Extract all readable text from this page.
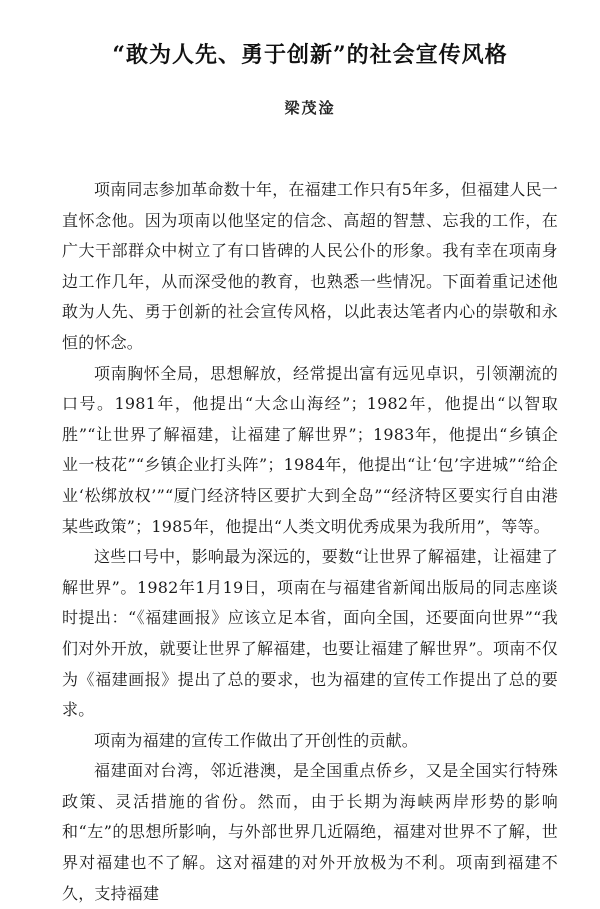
“敢为人先、勇于创新”的社会宣传风格
梁茂淦

项南同志参加革命数十年，在福建工作只有5年多，但福建人民一直怀念他。因为项南以他坚定的信念、高超的智慧、忘我的工作，在广大干部群众中树立了有口皆碑的人民公仆的形象。我有幸在项南身边工作几年，从而深受他的教育，也熟悉一些情况。下面着重记述他敢为人先、勇于创新的社会宣传风格，以此表达笔者内心的崇敬和永恒的怀念。

项南胸怀全局，思想解放，经常提出富有远见卓识，引领潮流的口号。1981年，他提出“大念山海经”；1982年，他提出“以智取胜”“让世界了解福建，让福建了解世界”；1983年，他提出“乡镇企业一枝花”“乡镇企业打头阵”；1984年，他提出“让‘包’字进城”“给企业‘松绑放权’”“厦门经济特区要扩大到全岛”“经济特区要实行自由港某些政策”；1985年，他提出“人类文明优秀成果为我所用”，等等。

这些口号中，影响最为深远的，要数“让世界了解福建，让福建了解世界”。1982年1月19日，项南在与福建省新闻出版局的同志座谈时提出：“《福建画报》应该立足本省，面向全国，还要面向世界”“我们对外开放，就要让世界了解福建，也要让福建了解世界”。项南不仅为《福建画报》提出了总的要求，也为福建的宣传工作提出了总的要求。

项南为福建的宣传工作做出了开创性的贡献。

福建面对台湾，邻近港澳，是全国重点侨乡，又是全国实行特殊政策、灵活措施的省份。然而，由于长期为海峡两岸形势的影响和“左”的思想所影响，与外部世界几近隔绝，福建对世界不了解，世界对福建也不了解。这对福建的对外开放极为不利。项南到福建不久，支持福建
